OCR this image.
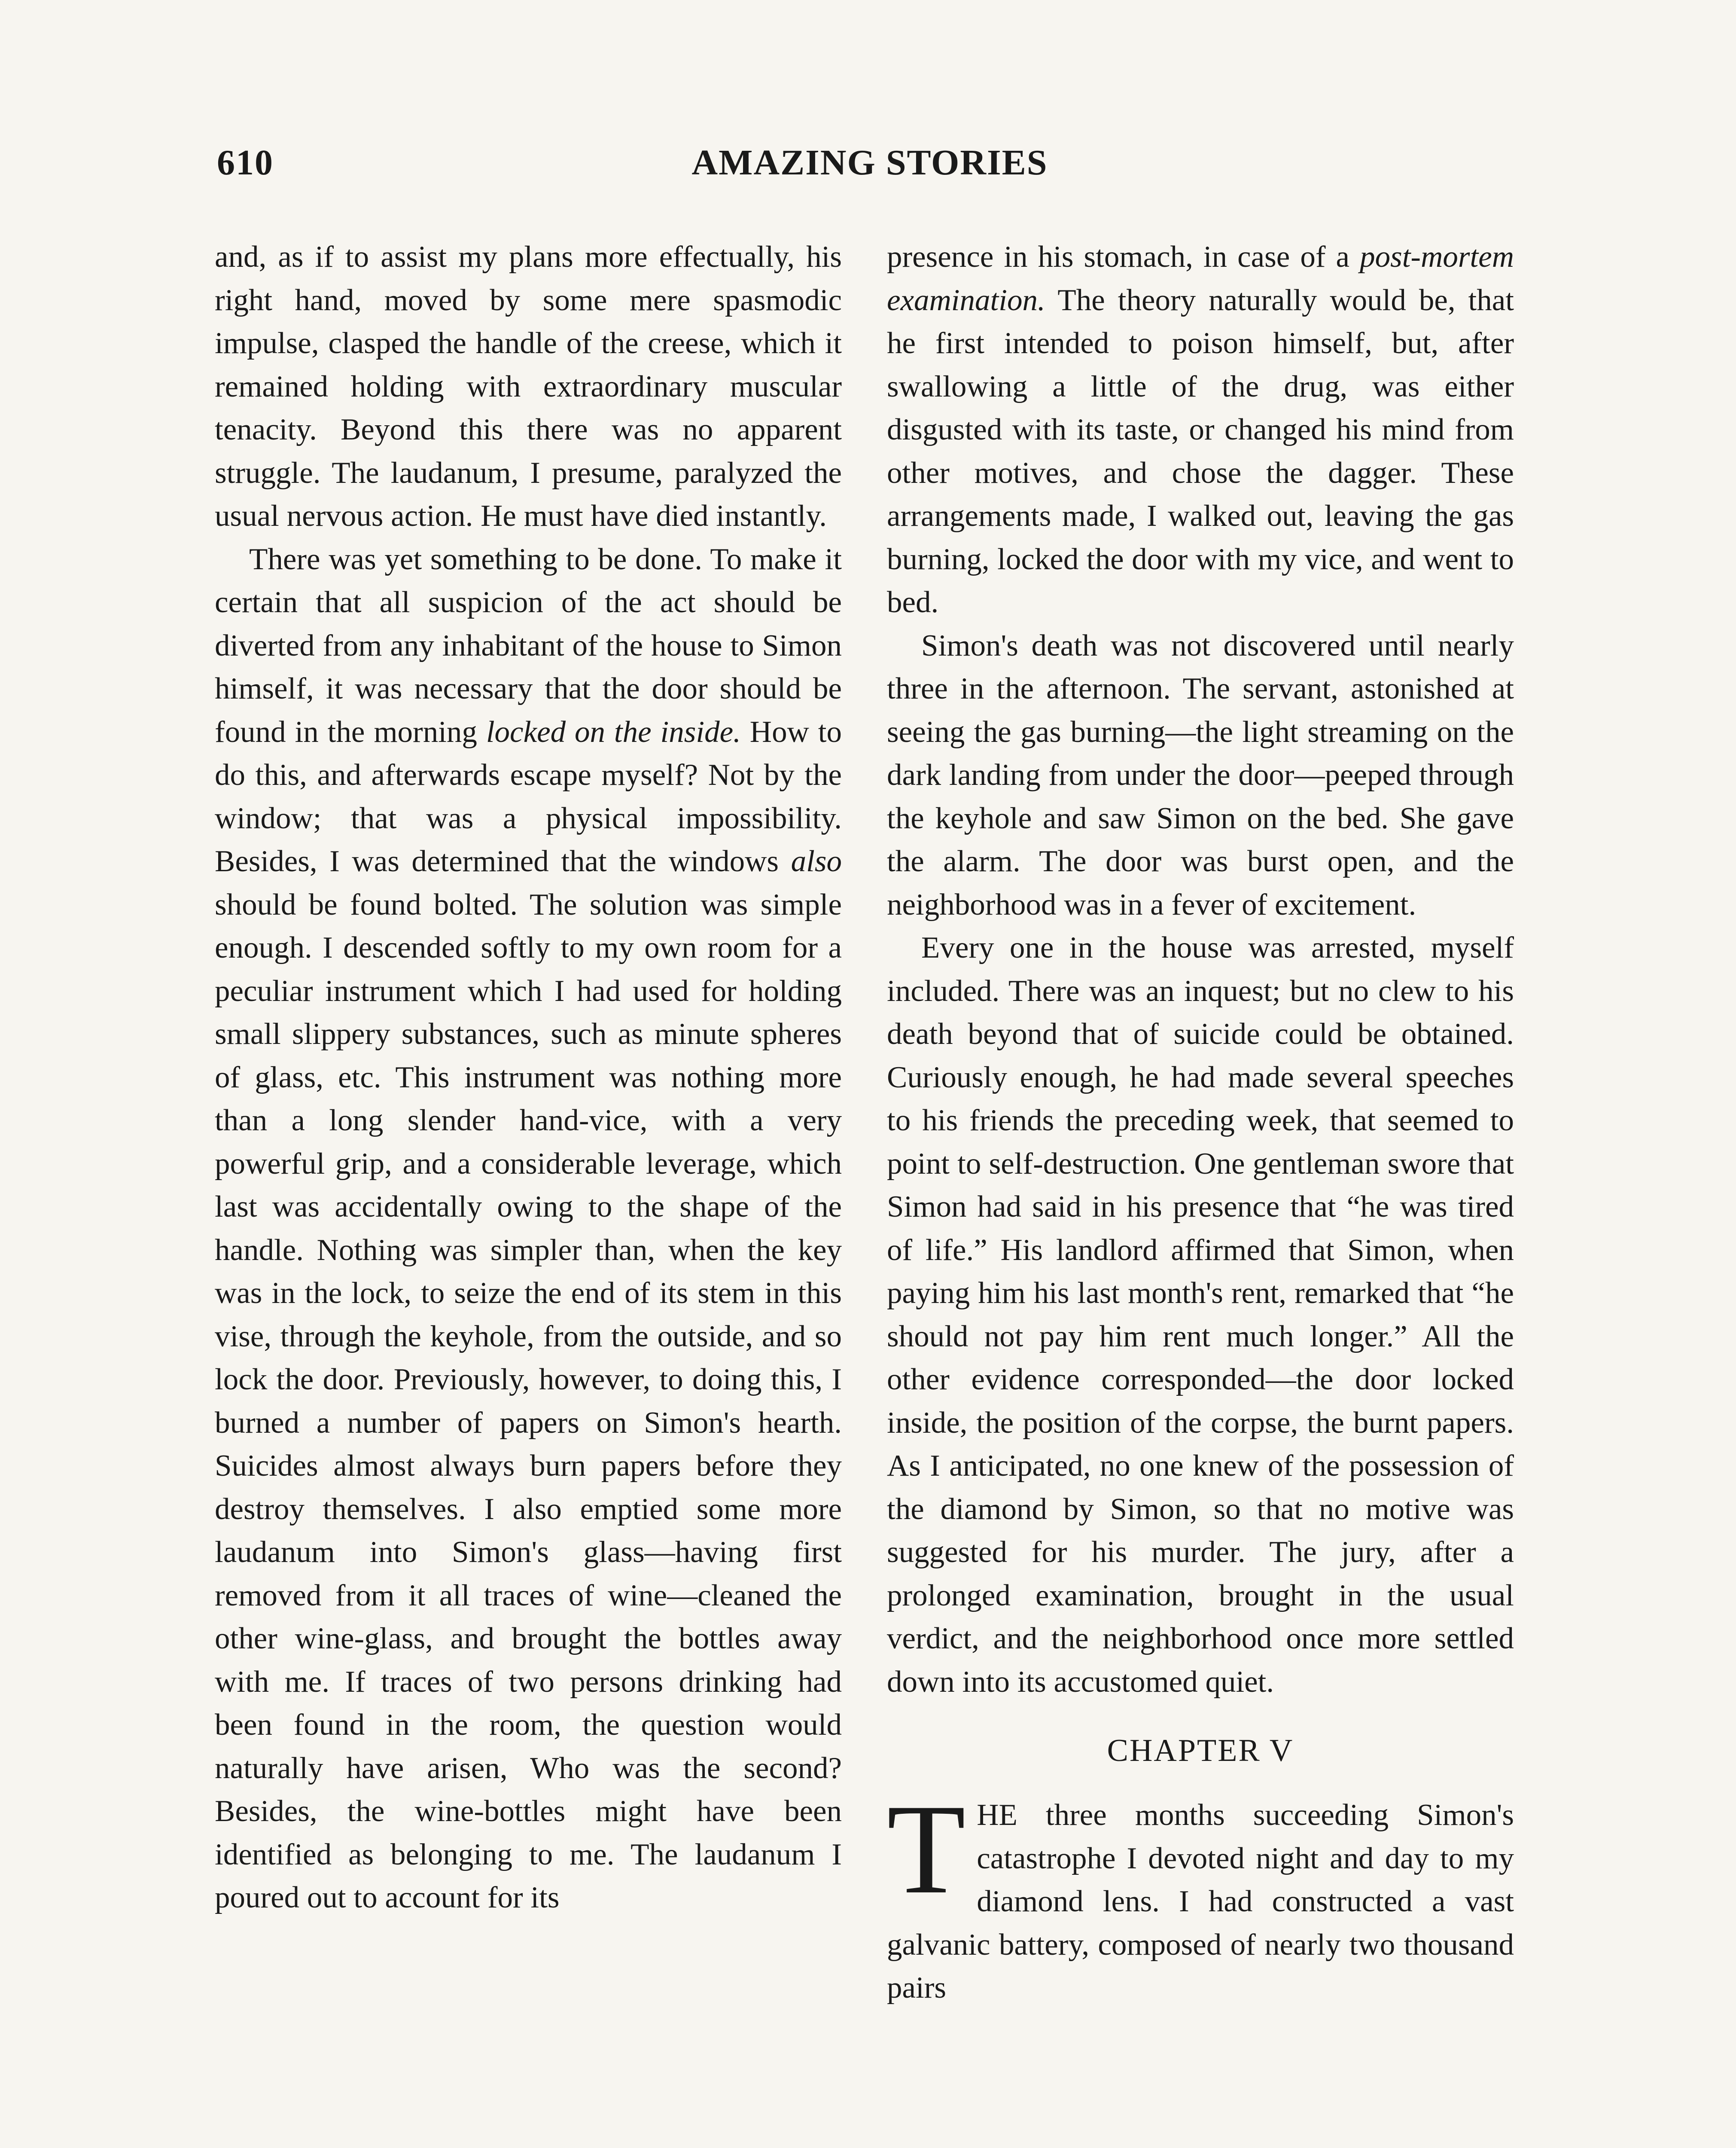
610	AMAZING STORIES

and, as if to assist my plans more effectually, his right hand, moved by some mere spasmodic impulse, clasped the handle of the creese, which it remained holding with extraordinary muscular tenacity. Beyond this there was no apparent struggle. The laudanum, I presume, paralyzed the usual nervous action. He must have died instantly.

There was yet something to be done. To make it certain that all suspicion of the act should be diverted from any inhabitant of the house to Simon himself, it was necessary that the door should be found in the morning locked on the inside. How to do this, and afterwards escape myself? Not by the window; that was a physical impossibility. Besides, I was determined that the windows also should be found bolted. The solution was simple enough. I descended softly to my own room for a peculiar instrument which I had used for holding small slippery substances, such as minute spheres of glass, etc. This instrument was nothing more than a long slender hand-vice, with a very powerful grip, and a considerable leverage, which last was accidentally owing to the shape of the handle. Nothing was simpler than, when the key was in the lock, to seize the end of its stem in this vise, through the keyhole, from the outside, and so lock the door. Previously, however, to doing this, I burned a number of papers on Simon's hearth. Suicides almost always burn papers before they destroy themselves. I also emptied some more laudanum into Simon's glass—having first removed from it all traces of wine—cleaned the other wine-glass, and brought the bottles away with me. If traces of two persons drinking had been found in the room, the question would naturally have arisen, Who was the second? Besides, the wine-bottles might have been identified as belonging to me. The laudanum I poured out to account for its

presence in his stomach, in case of a post-mortem examination. The theory naturally would be, that he first intended to poison himself, but, after swallowing a little of the drug, was either disgusted with its taste, or changed his mind from other motives, and chose the dagger. These arrangements made, I walked out, leaving the gas burning, locked the door with my vice, and went to bed.

Simon's death was not discovered until nearly three in the afternoon. The servant, astonished at seeing the gas burning—the light streaming on the dark landing from under the door—peeped through the keyhole and saw Simon on the bed. She gave the alarm. The door was burst open, and the neighborhood was in a fever of excitement.

Every one in the house was arrested, myself included. There was an inquest; but no clew to his death beyond that of suicide could be obtained. Curiously enough, he had made several speeches to his friends the preceding week, that seemed to point to self-destruction. One gentleman swore that Simon had said in his presence that “he was tired of life.” His landlord affirmed that Simon, when paying him his last month's rent, remarked that “he should not pay him rent much longer.” All the other evidence corresponded—the door locked inside, the position of the corpse, the burnt papers. As I anticipated, no one knew of the possession of the diamond by Simon, so that no motive was suggested for his murder. The jury, after a prolonged examination, brought in the usual verdict, and the neighborhood once more settled down into its accustomed quiet.

CHAPTER V

THE three months succeeding Simon's catastrophe I devoted night and day to my diamond lens. I had constructed a vast galvanic battery, composed of nearly two thousand pairs
